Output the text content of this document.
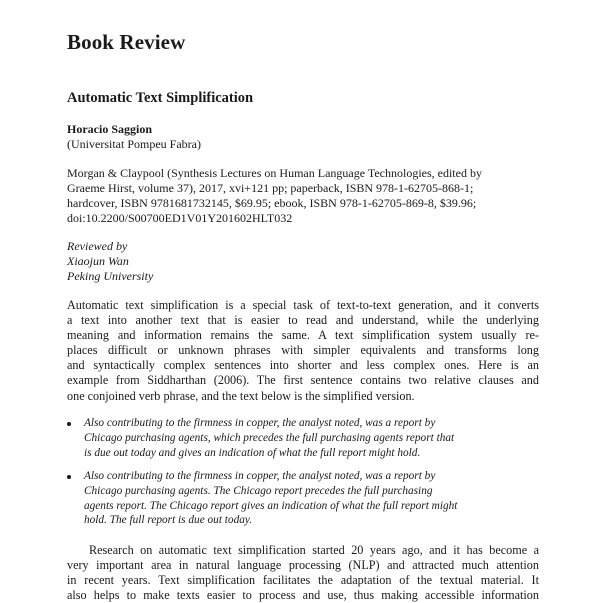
Book Review
Automatic Text Simplification
Horacio Saggion
(Universitat Pompeu Fabra)
Morgan & Claypool (Synthesis Lectures on Human Language Technologies, edited by
Graeme Hirst, volume 37), 2017, xvi+121 pp; paperback, ISBN 978-1-62705-868-1;
hardcover, ISBN 9781681732145, $69.95; ebook, ISBN 978-1-62705-869-8, $39.96;
doi:10.2200/S00700ED1V01Y201602HLT032
Reviewed by
Xiaojun Wan
Peking University
Automatic text simplification is a special task of text-to-text generation, and it converts
a text into another text that is easier to read and understand, while the underlying
meaning and information remains the same. A text simplification system usually re-
places difficult or unknown phrases with simpler equivalents and transforms long
and syntactically complex sentences into shorter and less complex ones. Here is an
example from Siddharthan (2006). The first sentence contains two relative clauses and
one conjoined verb phrase, and the text below is the simplified version.
Also contributing to the firmness in copper, the analyst noted, was a report by
Chicago purchasing agents, which precedes the full purchasing agents report that
is due out today and gives an indication of what the full report might hold.
Also contributing to the firmness in copper, the analyst noted, was a report by
Chicago purchasing agents. The Chicago report precedes the full purchasing
agents report. The Chicago report gives an indication of what the full report might
hold. The full report is due out today.
Research on automatic text simplification started 20 years ago, and it has become a
very important area in natural language processing (NLP) and attracted much attention
in recent years. Text simplification facilitates the adaptation of the textual material. It
also helps to make texts easier to process and use, thus making accessible information
